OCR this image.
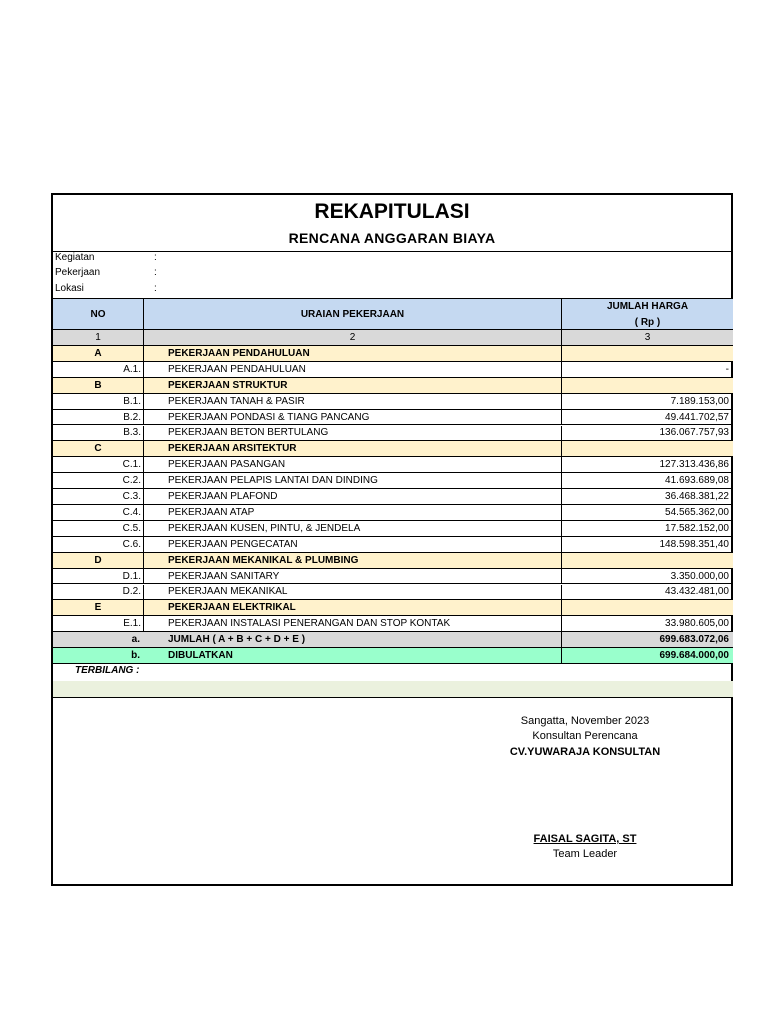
REKAPITULASI
RENCANA ANGGARAN BIAYA
Kegiatan	:
Pekerjaan	:
Lokasi	:
NO	URAIAN PEKERJAAN
JUMLAH HARGA
( Rp )
1	2	3
A	PEKERJAAN PENDAHULUAN
A.1.	PEKERJAAN PENDAHULUAN	-
B	PEKERJAAN STRUKTUR
B.1.	PEKERJAAN TANAH & PASIR	7.189.153,00
B.2.	PEKERJAAN PONDASI & TIANG PANCANG	49.441.702,57
B.3.	PEKERJAAN BETON BERTULANG	136.067.757,93
C	PEKERJAAN ARSITEKTUR
C.1.	PEKERJAAN PASANGAN	127.313.436,86
C.2.	PEKERJAAN PELAPIS LANTAI DAN DINDING	41.693.689,08
C.3.	PEKERJAAN PLAFOND	36.468.381,22
C.4.	PEKERJAAN ATAP	54.565.362,00
C.5.	PEKERJAAN KUSEN, PINTU, & JENDELA	17.582.152,00
C.6.	PEKERJAAN PENGECATAN	148.598.351,40
D	PEKERJAAN MEKANIKAL & PLUMBING
D.1.	PEKERJAAN SANITARY	3.350.000,00
D.2.	PEKERJAAN MEKANIKAL	43.432.481,00
E	PEKERJAAN ELEKTRIKAL
E.1.	PEKERJAAN INSTALASI PENERANGAN DAN STOP KONTAK	33.980.605,00
a.	JUMLAH ( A + B + C + D + E )	699.683.072,06
b.	DIBULATKAN	699.684.000,00
TERBILANG :
Sangatta, November 2023
Konsultan Perencana
CV.YUWARAJA KONSULTAN
FAISAL SAGITA, ST
Team Leader
